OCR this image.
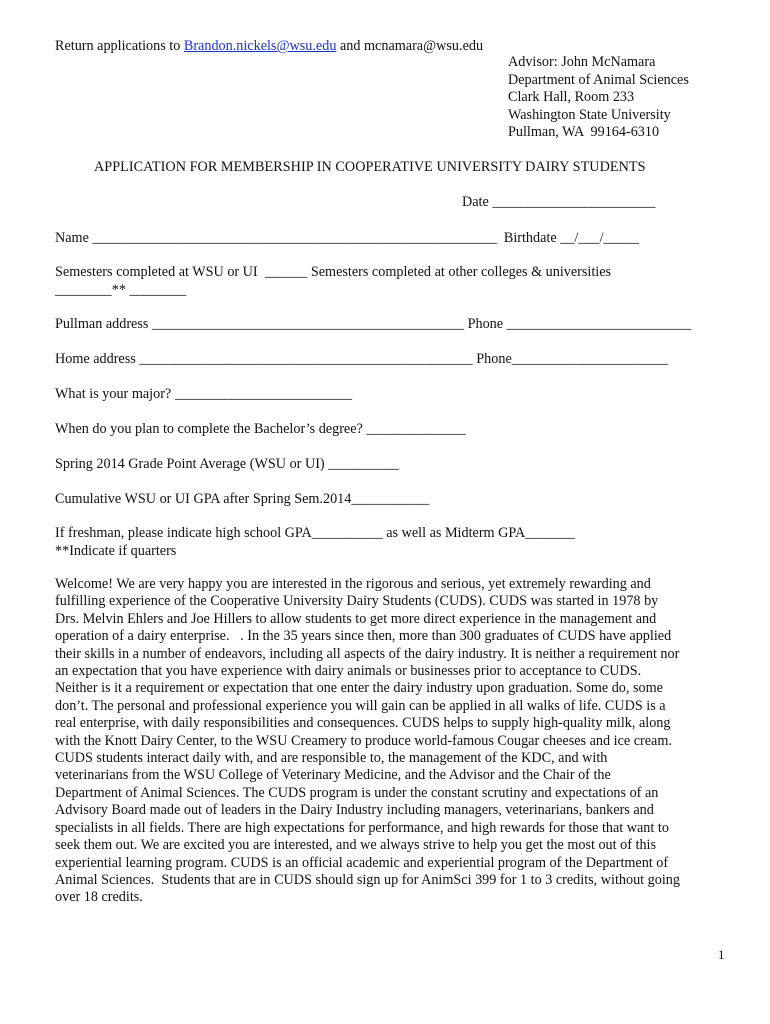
Return applications to Brandon.nickels@wsu.edu and mcnamara@wsu.edu
Advisor: John McNamara
Department of Animal Sciences
Clark Hall, Room 233
Washington State University
Pullman, WA  99164-6310
APPLICATION FOR MEMBERSHIP IN COOPERATIVE UNIVERSITY DAIRY STUDENTS
Date _______________________
Name _________________________________________________________  Birthdate __/___/_____
Semesters completed at WSU or UI  ______ Semesters completed at other colleges & universities
________** ________
Pullman address ____________________________________________ Phone __________________________
Home address _______________________________________________ Phone______________________
What is your major? _________________________
When do you plan to complete the Bachelor’s degree? ______________
Spring 2014 Grade Point Average (WSU or UI) __________
Cumulative WSU or UI GPA after Spring Sem.2014___________
If freshman, please indicate high school GPA__________ as well as Midterm GPA_______
**Indicate if quarters
Welcome! We are very happy you are interested in the rigorous and serious, yet extremely rewarding and
fulfilling experience of the Cooperative University Dairy Students (CUDS). CUDS was started in 1978 by
Drs. Melvin Ehlers and Joe Hillers to allow students to get more direct experience in the management and
operation of a dairy enterprise.   . In the 35 years since then, more than 300 graduates of CUDS have applied
their skills in a number of endeavors, including all aspects of the dairy industry. It is neither a requirement nor
an expectation that you have experience with dairy animals or businesses prior to acceptance to CUDS.
Neither is it a requirement or expectation that one enter the dairy industry upon graduation. Some do, some
don’t. The personal and professional experience you will gain can be applied in all walks of life. CUDS is a
real enterprise, with daily responsibilities and consequences. CUDS helps to supply high-quality milk, along
with the Knott Dairy Center, to the WSU Creamery to produce world-famous Cougar cheeses and ice cream.
CUDS students interact daily with, and are responsible to, the management of the KDC, and with
veterinarians from the WSU College of Veterinary Medicine, and the Advisor and the Chair of the
Department of Animal Sciences. The CUDS program is under the constant scrutiny and expectations of an
Advisory Board made out of leaders in the Dairy Industry including managers, veterinarians, bankers and
specialists in all fields. There are high expectations for performance, and high rewards for those that want to
seek them out. We are excited you are interested, and we always strive to help you get the most out of this
experiential learning program. CUDS is an official academic and experiential program of the Department of
Animal Sciences.  Students that are in CUDS should sign up for AnimSci 399 for 1 to 3 credits, without going
over 18 credits.
1
